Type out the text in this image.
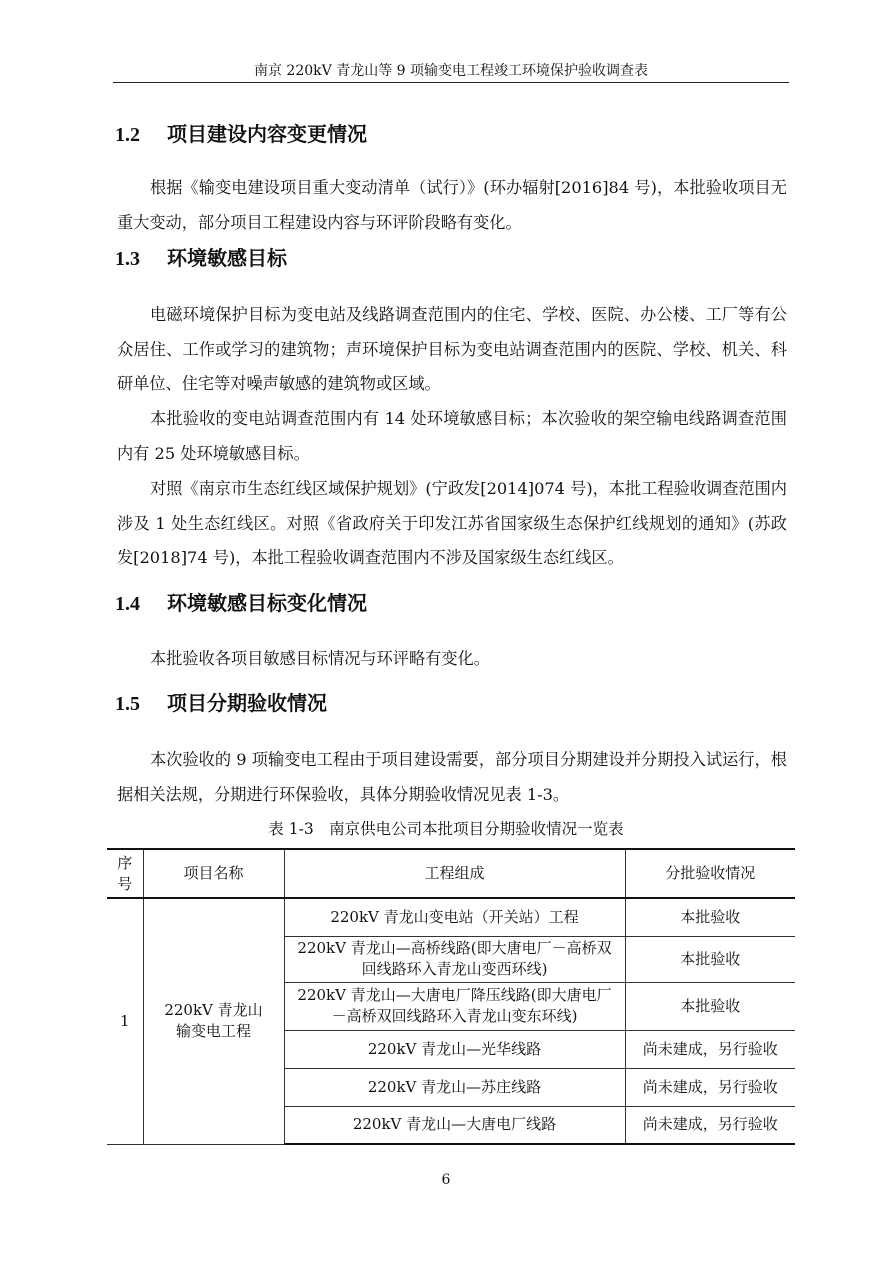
南京 220kV 青龙山等 9 项输变电工程竣工环境保护验收调查表
1.2 项目建设内容变更情况

根据《输变电建设项目重大变动清单（试行）》(环办辐射[2016]84 号)，本批验收项目无重大变动，部分项目工程建设内容与环评阶段略有变化。

1.3 环境敏感目标

电磁环境保护目标为变电站及线路调查范围内的住宅、学校、医院、办公楼、工厂等有公众居住、工作或学习的建筑物；声环境保护目标为变电站调查范围内的医院、学校、机关、科研单位、住宅等对噪声敏感的建筑物或区域。

本批验收的变电站调查范围内有 14 处环境敏感目标；本次验收的架空输电线路调查范围内有 25 处环境敏感目标。

对照《南京市生态红线区域保护规划》(宁政发[2014]074 号)，本批工程验收调查范围内涉及 1 处生态红线区。对照《省政府关于印发江苏省国家级生态保护红线规划的通知》(苏政发[2018]74 号)，本批工程验收调查范围内不涉及国家级生态红线区。

1.4 环境敏感目标变化情况

本批验收各项目敏感目标情况与环评略有变化。

1.5 项目分期验收情况

本次验收的 9 项输变电工程由于项目建设需要，部分项目分期建设并分期投入试运行，根据相关法规，分期进行环保验收，具体分期验收情况见表 1-3。

表 1-3　南京供电公司本批项目分期验收情况一览表
序号	项目名称	工程组成	分批验收情况
1	220kV 青龙山输变电工程	220kV 青龙山变电站（开关站）工程	本批验收
		220kV 青龙山—高桥线路(即大唐电厂－高桥双回线路环入青龙山变西环线)	本批验收
		220kV 青龙山—大唐电厂降压线路(即大唐电厂－高桥双回线路环入青龙山变东环线)	本批验收
		220kV 青龙山—光华线路	尚未建成，另行验收
		220kV 青龙山—苏庄线路	尚未建成，另行验收
		220kV 青龙山—大唐电厂线路	尚未建成，另行验收
6
